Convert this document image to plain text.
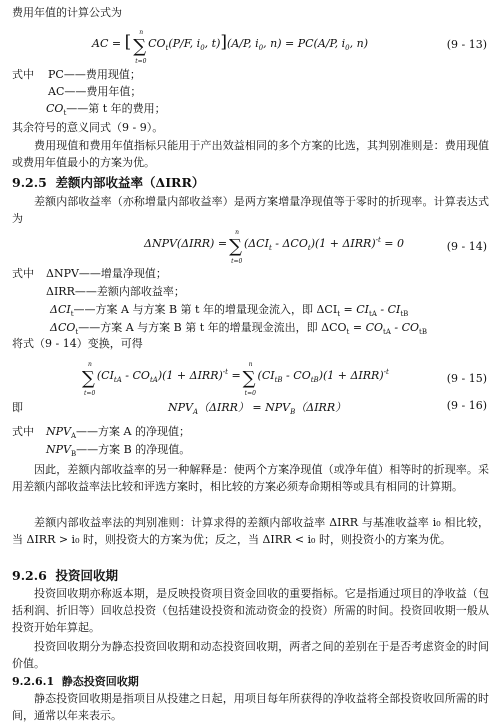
费用年值的计算公式为
AC = [ ∑
n
t=0
$CO_t(P/F$, $i_0$, t)](A/P, $i_0$, n) = PC(A/P, $i_0$, n)	(9 - 13)
式中 PC——费用现值；
AC——费用年值；
$CO_t——$第 t 年的费用；
其余符号的意义同式（9 - 9）。
费用现值和费用年值指标只能用于产出效益相同的多个方案的比选，其判别准则是：费用现值或费用年值最小的方案为优。
9.2.5 差额内部收益率（ΔIRR）
差额内部收益率（亦称增量内部收益率）是两方案增量净现值等于零时的折现率。计算表达式为
ΔNPV(ΔIRR) = ∑
n
t=0
$(\Delta CI_t - \Delta CO_t)(1 + \Delta IRR)^{-t} = 0$	(9 - 14)
式中 ΔNPV——增量净现值；
ΔIRR——差额内部收益率；
$\Delta CI_t——$方案 A 与方案 B 第 t 年的增量现金流入，即 $\Delta CI_t = CI_{tA} - CI_{tB}$
$\Delta CO_t——$方案 A 与方案 B 第 t 年的增量现金流出，即 $\Delta CO_t = CO_{tA} - CO_{tB}$
将式（9 - 14）变换，可得
∑
n
t=0
$(CI_{tA} - CO_{tA})(1 + \Delta IRR)^{-t}$ = ∑
n
t=0
$(CI_{tB} - CO_{tB})(1 + \Delta IRR)^{-t}$	(9 - 15)
即	$NPV_A(\Delta IRR) = NPV_B(\Delta IRR)$	(9 - 16)
式中 $NPV_A——$方案 A 的净现值；
$NPV_B——$方案 B 的净现值。
因此，差额内部收益率的另一种解释是：使两个方案净现值（或净年值）相等时的折现率。采用差额内部收益率法比较和评选方案时，相比较的方案必须寿命期相等或具有相同的计算期。
差额内部收益率法的判别准则：计算求得的差额内部收益率 ΔIRR 与基准收益率 i₀ 相比较，当 ΔIRR > i₀ 时，则投资大的方案为优；反之，当 ΔIRR < i₀ 时，则投资小的方案为优。
9.2.6 投资回收期
投资回收期亦称返本期，是反映投资项目资金回收的重要指标。它是指通过项目的净收益（包括利润、折旧等）回收总投资（包括建设投资和流动资金的投资）所需的时间。投资回收期一般从投资开始年算起。
投资回收期分为静态投资回收期和动态投资回收期，两者之间的差别在于是否考虑资金的时间价值。
9.2.6.1 静态投资回收期
静态投资回收期是指项目从投建之日起，用项目每年所获得的净收益将全部投资收回所需的时间，通常以年来表示。
